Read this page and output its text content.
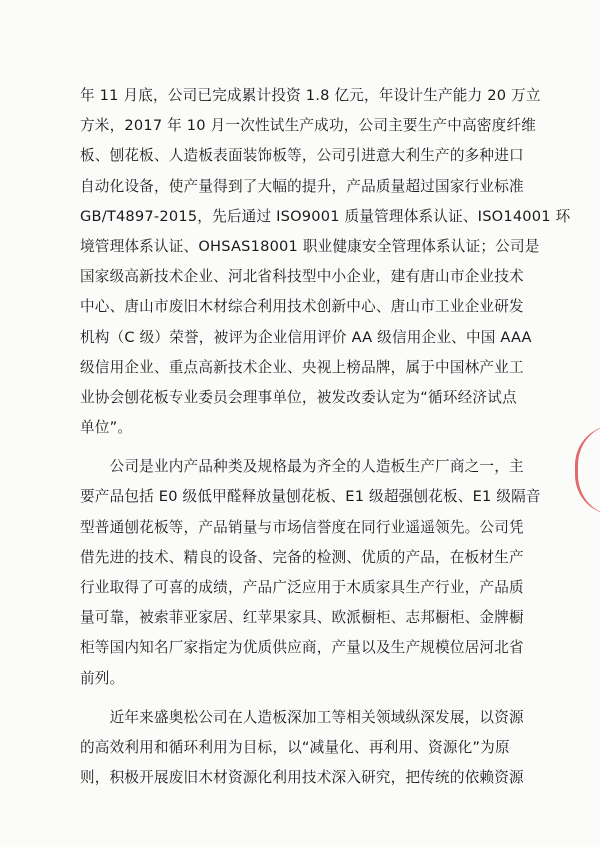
年 11 月底，公司已完成累计投资 1.8 亿元，年设计生产能力 20 万立

方米，2017 年 10 月一次性试生产成功，公司主要生产中高密度纤维

板、刨花板、人造板表面装饰板等，公司引进意大利生产的多种进口

自动化设备，使产量得到了大幅的提升，产品质量超过国家行业标准

GB/T4897-2015，先后通过 ISO9001 质量管理体系认证、ISO14001 环

境管理体系认证、OHSAS18001 职业健康安全管理体系认证；公司是

国家级高新技术企业、河北省科技型中小企业，建有唐山市企业技术

中心、唐山市废旧木材综合利用技术创新中心、唐山市工业企业研发

机构（C 级）荣誉，被评为企业信用评价 AA 级信用企业、中国 AAA

级信用企业、重点高新技术企业、央视上榜品牌，属于中国林产业工

业协会刨花板专业委员会理事单位，被发改委认定为“循环经济试点

单位”。

　　公司是业内产品种类及规格最为齐全的人造板生产厂商之一，主

要产品包括 E0 级低甲醛释放量刨花板、E1 级超强刨花板、E1 级隔音

型普通刨花板等，产品销量与市场信誉度在同行业遥遥领先。公司凭

借先进的技术、精良的设备、完备的检测、优质的产品，在板材生产

行业取得了可喜的成绩，产品广泛应用于木质家具生产行业，产品质

量可靠，被索菲亚家居、红苹果家具、欧派橱柜、志邦橱柜、金牌橱

柜等国内知名厂家指定为优质供应商，产量以及生产规模位居河北省

前列。

　　近年来盛奥松公司在人造板深加工等相关领域纵深发展，以资源

的高效利用和循环利用为目标，以“减量化、再利用、资源化”为原

则，积极开展废旧木材资源化利用技术深入研究，把传统的依赖资源
